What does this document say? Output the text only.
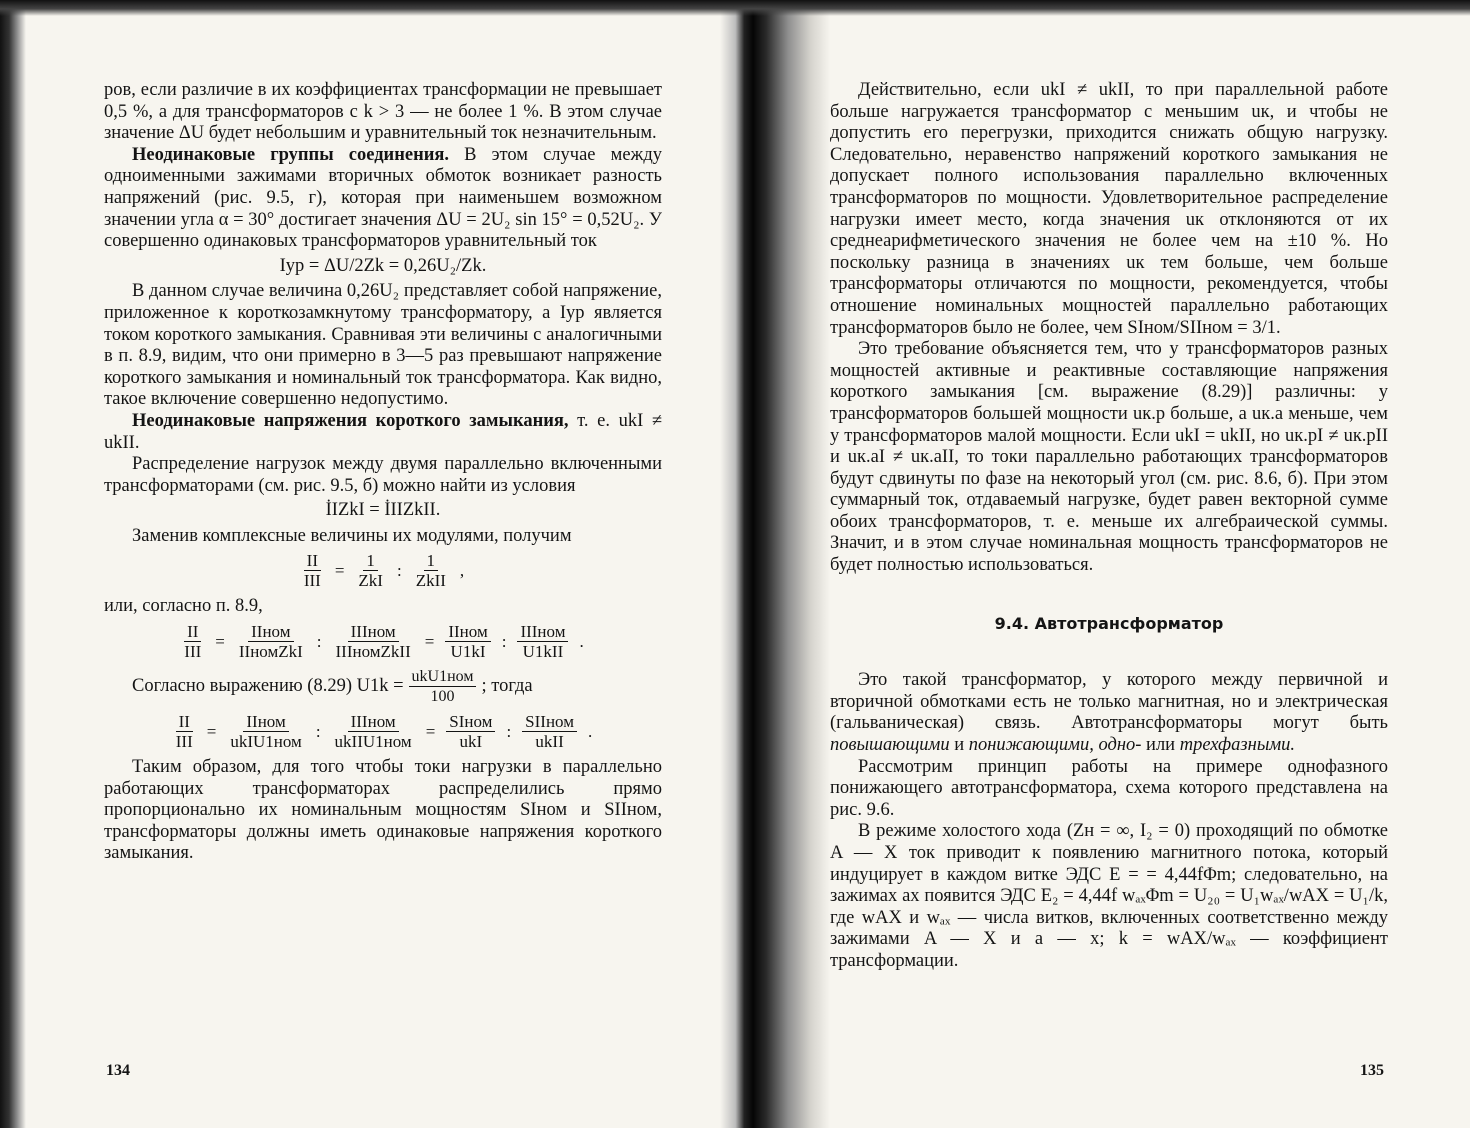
ров, если различие в их коэффициентах трансформации не превышает 0,5 %, а для трансформаторов с k > 3 — не более 1 %. В этом случае значение ΔU будет небольшим и уравнительный ток незначительным.

Неодинаковые группы соединения. В этом случае между одноименными зажимами вторичных обмоток возникает разность напряжений (рис. 9.5, г), которая при наименьшем возможном значении угла α = 30° достигает значения ΔU = 2U₂ sin 15° = 0,52U₂. У совершенно одинаковых трансформаторов уравнительный ток

Iур = ΔU/2Zk = 0,26U₂/Zk.

В данном случае величина 0,26U₂ представляет собой напряжение, приложенное к короткозамкнутому трансформатору, а Iур является током короткого замыкания. Сравнивая эти величины с аналогичными в п. 8.9, видим, что они примерно в 3—5 раз превышают напряжение короткого замыкания и номинальный ток трансформатора. Как видно, такое включение совершенно недопустимо.

Неодинаковые напряжения короткого замыкания, т. е. ukI ≠ ukII.

Распределение нагрузок между двумя параллельно включенными трансформаторами (см. рис. 9.5, б) можно найти из условия

İIZkI = İIIZkII.

Заменив комплексные величины их модулями, получим

$\frac{II}{\text{III}} = \frac{1}{\text{ZkI}}$ : $\frac{1}{\text{ZkII}}$ ,

или, согласно п. 8.9,

$\frac{II}{\text{III}} = \frac{\text{IIном}}{\text{IIномZkI}}$ : $\frac{\text{IIIном}}{\text{IIIномZkII}} = \frac{\text{IIном}}{U1kI}$ : $\frac{\text{IIIном}}{\text{U1kII}}$ .
Согласно выражению (8.29) $U1k = \frac{\text{ukU1ном}}{100}$ ; тогда
$\frac{II}{\text{III}} = \frac{\text{IIном}}{\text{ukIU1ном}}$ : $\frac{\text{IIIном}}{\text{ukIIU1ном}} = \frac{\text{SIном}}{\text{ukI}}$ : $\frac{\text{SIIном}}{\text{ukII}}$ .

Таким образом, для того чтобы токи нагрузки в параллельно работающих трансформаторах распределились прямо пропорционально их номинальным мощностям SIном и SIIном, трансформаторы должны иметь одинаковые напряжения короткого замыкания.

134

Действительно, если ukI ≠ ukII, то при параллельной работе больше нагружается трансформатор с меньшим uк, и чтобы не допустить его перегрузки, приходится снижать общую нагрузку. Следовательно, неравенство напряжений короткого замыкания не допускает полного использования параллельно включенных трансформаторов по мощности. Удовлетворительное распределение нагрузки имеет место, когда значения uк отклоняются от их среднеарифметического значения не более чем на ±10 %. Но поскольку разница в значениях uк тем больше, чем больше трансформаторы отличаются по мощности, рекомендуется, чтобы отношение номинальных мощностей параллельно работающих трансформаторов было не более, чем SIном/SIIном = 3/1.

Это требование объясняется тем, что у трансформаторов разных мощностей активные и реактивные составляющие напряжения короткого замыкания [см. выражение (8.29)] различны: у трансформаторов большей мощности uк.р больше, а uк.а меньше, чем у трансформаторов малой мощности. Если ukI = ukII, но uк.рI ≠ uк.рII и uк.аI ≠ uк.аII, то токи параллельно работающих трансформаторов будут сдвинуты по фазе на некоторый угол (см. рис. 8.6, б). При этом суммарный ток, отдаваемый нагрузке, будет равен векторной сумме обоих трансформаторов, т. е. меньше их алгебраической суммы. Значит, и в этом случае номинальная мощность трансформаторов не будет полностью использоваться.

9.4. Автотрансформатор

Это такой трансформатор, у которого между первичной и вторичной обмотками есть не только магнитная, но и электрическая (гальваническая) связь. Автотрансформаторы могут быть повышающими и понижающими, одно- или трехфазными.

Рассмотрим принцип работы на примере однофазного понижающего автотрансформатора, схема которого представлена на рис. 9.6.

В режиме холостого хода (Zн = ∞, I₂ = 0) проходящий по обмотке A — X ток приводит к появлению магнитного потока, который индуцирует в каждом витке ЭДС E = = 4,44fΦm; следовательно, на зажимах ax появится ЭДС E₂ = 4,44f wₐₓΦm = U₂₀ = U₁wₐₓ/wAX = U₁/k, где wAX и wₐₓ — числа витков, включенных соответственно между зажимами A — X и a — x; k = wAX/wₐₓ — коэффициент трансформации.

135
